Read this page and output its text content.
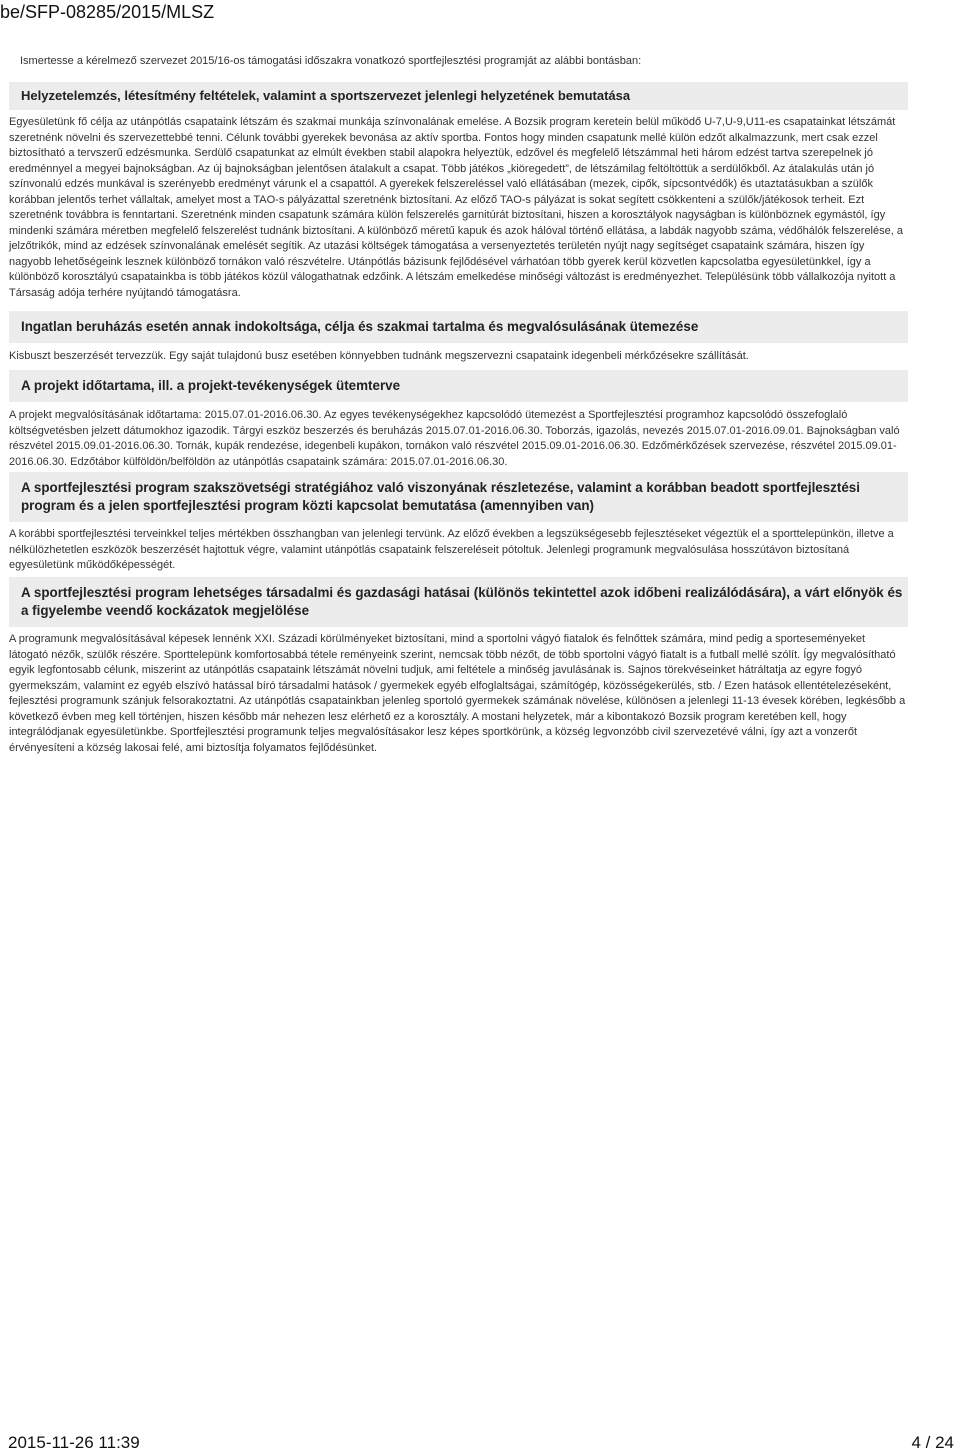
be/SFP-08285/2015/MLSZ
Ismertesse a kérelmező szervezet 2015/16-os támogatási időszakra vonatkozó sportfejlesztési programját az alábbi bontásban:
Helyzetelemzés, létesítmény feltételek, valamint a sportszervezet jelenlegi helyzetének bemutatása

Egyesületünk fő célja az utánpótlás csapataink létszám és szakmai munkája színvonalának emelése. A Bozsik program keretein belül működő U-7,U-9,U11-es csapatainkat létszámát szeretnénk növelni és szervezettebbé tenni. Célunk további gyerekek bevonása az aktív sportba. Fontos hogy minden csapatunk mellé külön edzőt alkalmazzunk, mert csak ezzel biztosítható a tervszerű edzésmunka. Serdülő csapatunkat az elmúlt években stabil alapokra helyeztük, edzővel és megfelelő létszámmal heti három edzést tartva szerepelnek jó eredménnyel a megyei bajnokságban. Az új bajnokságban jelentősen átalakult a csapat. Több játékos „kiöregedett”, de létszámilag feltöltöttük a serdülőkből. Az átalakulás után jó színvonalú edzés munkával is szerényebb eredményt várunk el a csapattól. A gyerekek felszereléssel való ellátásában (mezek, cipők, sípcsontvédők) és utaztatásukban a szülők korábban jelentős terhet vállaltak, amelyet most a TAO-s pályázattal szeretnénk biztosítani. Az előző TAO-s pályázat is sokat segített csökkenteni a szülők/játékosok terheit. Ezt szeretnénk továbbra is fenntartani. Szeretnénk minden csapatunk számára külön felszerelés garnitúrát biztosítani, hiszen a korosztályok nagyságban is különböznek egymástól, így mindenki számára méretben megfelelő felszerelést tudnánk biztosítani. A különböző méretű kapuk és azok hálóval történő ellátása, a labdák nagyobb száma, védőhálók felszerelése, a jelzőtrikók, mind az edzések színvonalának emelését segítik. Az utazási költségek támogatása a versenyeztetés területén nyújt nagy segítséget csapataink számára, hiszen így nagyobb lehetőségeink lesznek különböző tornákon való részvételre. Utánpótlás bázisunk fejlődésével várhatóan több gyerek kerül közvetlen kapcsolatba egyesületünkkel, így a különböző korosztályú csapatainkba is több játékos közül válogathatnak edzőink. A létszám emelkedése minőségi változást is eredményezhet. Településünk több vállalkozója nyitott a Társaság adója terhére nyújtandó támogatásra.

Ingatlan beruházás esetén annak indokoltsága, célja és szakmai tartalma és megvalósulásának ütemezése

Kisbuszt beszerzését tervezzük. Egy saját tulajdonú busz esetében könnyebben tudnánk megszervezni csapataink idegenbeli mérkőzésekre szállítását.

A projekt időtartama, ill. a projekt-tevékenységek ütemterve

A projekt megvalósításának időtartama: 2015.07.01-2016.06.30. Az egyes tevékenységekhez kapcsolódó ütemezést a Sportfejlesztési programhoz kapcsolódó összefoglaló költségvetésben jelzett dátumokhoz igazodik. Tárgyi eszköz beszerzés és beruházás 2015.07.01-2016.06.30. Toborzás, igazolás, nevezés 2015.07.01-2016.09.01. Bajnokságban való részvétel 2015.09.01-2016.06.30. Tornák, kupák rendezése, idegenbeli kupákon, tornákon való részvétel 2015.09.01-2016.06.30. Edzőmérkőzések szervezése, részvétel 2015.09.01-2016.06.30. Edzőtábor külföldön/belföldön az utánpótlás csapataink számára: 2015.07.01-2016.06.30.

A sportfejlesztési program szakszövetségi stratégiához való viszonyának részletezése, valamint a korábban beadott sportfejlesztési program és a jelen sportfejlesztési program közti kapcsolat bemutatása (amennyiben van)

A korábbi sportfejlesztési terveinkkel teljes mértékben összhangban van jelenlegi tervünk. Az előző években a legszükségesebb fejlesztéseket végeztük el a sporttelepünkön, illetve a nélkülözhetetlen eszközök beszerzését hajtottuk végre, valamint utánpótlás csapataink felszereléseit pótoltuk. Jelenlegi programunk megvalósulása hosszútávon biztosítaná egyesületünk működőképességét.

A sportfejlesztési program lehetséges társadalmi és gazdasági hatásai (különös tekintettel azok időbeni realizálódására), a várt előnyök és a figyelembe veendő kockázatok megjelölése

A programunk megvalósításával képesek lennénk XXI. Századi körülményeket biztosítani, mind a sportolni vágyó fiatalok és felnőttek számára, mind pedig a sporteseményeket látogató nézők, szülők részére. Sporttelepünk komfortosabbá tétele reményeink szerint, nemcsak több nézőt, de több sportolni vágyó fiatalt is a futball mellé szólít. Így megvalósítható egyik legfontosabb célunk, miszerint az utánpótlás csapataink létszámát növelni tudjuk, ami feltétele a minőség javulásának is. Sajnos törekvéseinket hátráltatja az egyre fogyó gyermekszám, valamint ez egyéb elszívó hatással bíró társadalmi hatások / gyermekek egyéb elfoglaltságai, számítógép, közösségekerülés, stb. / Ezen hatások ellentételezéseként, fejlesztési programunk szánjuk felsorakoztatni. Az utánpótlás csapatainkban jelenleg sportoló gyermekek számának növelése, különösen a jelenlegi 11-13 évesek körében, legkésőbb a következő évben meg kell történjen, hiszen később már nehezen lesz elérhető ez a korosztály. A mostani helyzetek, már a kibontakozó Bozsik program keretében kell, hogy integrálódjanak egyesületünkbe. Sportfejlesztési programunk teljes megvalósításakor lesz képes sportkörünk, a község legvonzóbb civil szervezetévé válni, így azt a vonzerőt érvényesíteni a község lakosai felé, ami biztosítja folyamatos fejlődésünket.

2015-11-26 11:39	4 / 24
